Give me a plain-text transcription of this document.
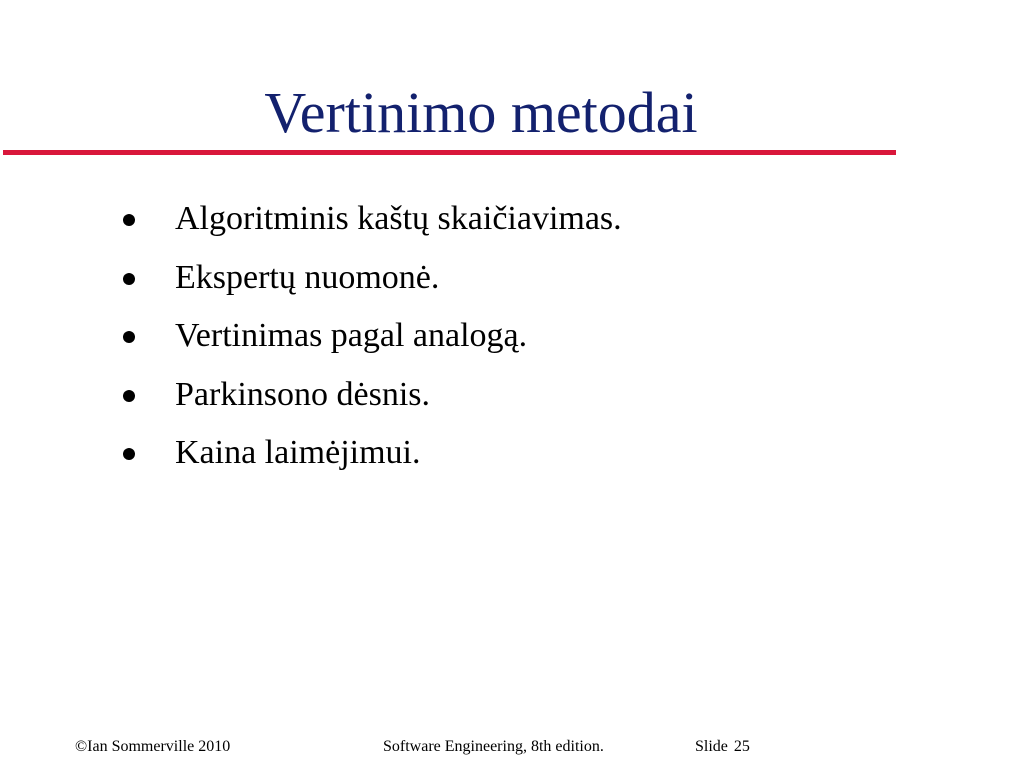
Vertinimo metodai
Algoritminis kaštų skaičiavimas.
Ekspertų nuomonė.
Vertinimas pagal analogą.
Parkinsono dėsnis.
Kaina laimėjimui.
©Ian Sommerville 2010	Software Engineering, 8th edition.	Slide 25
